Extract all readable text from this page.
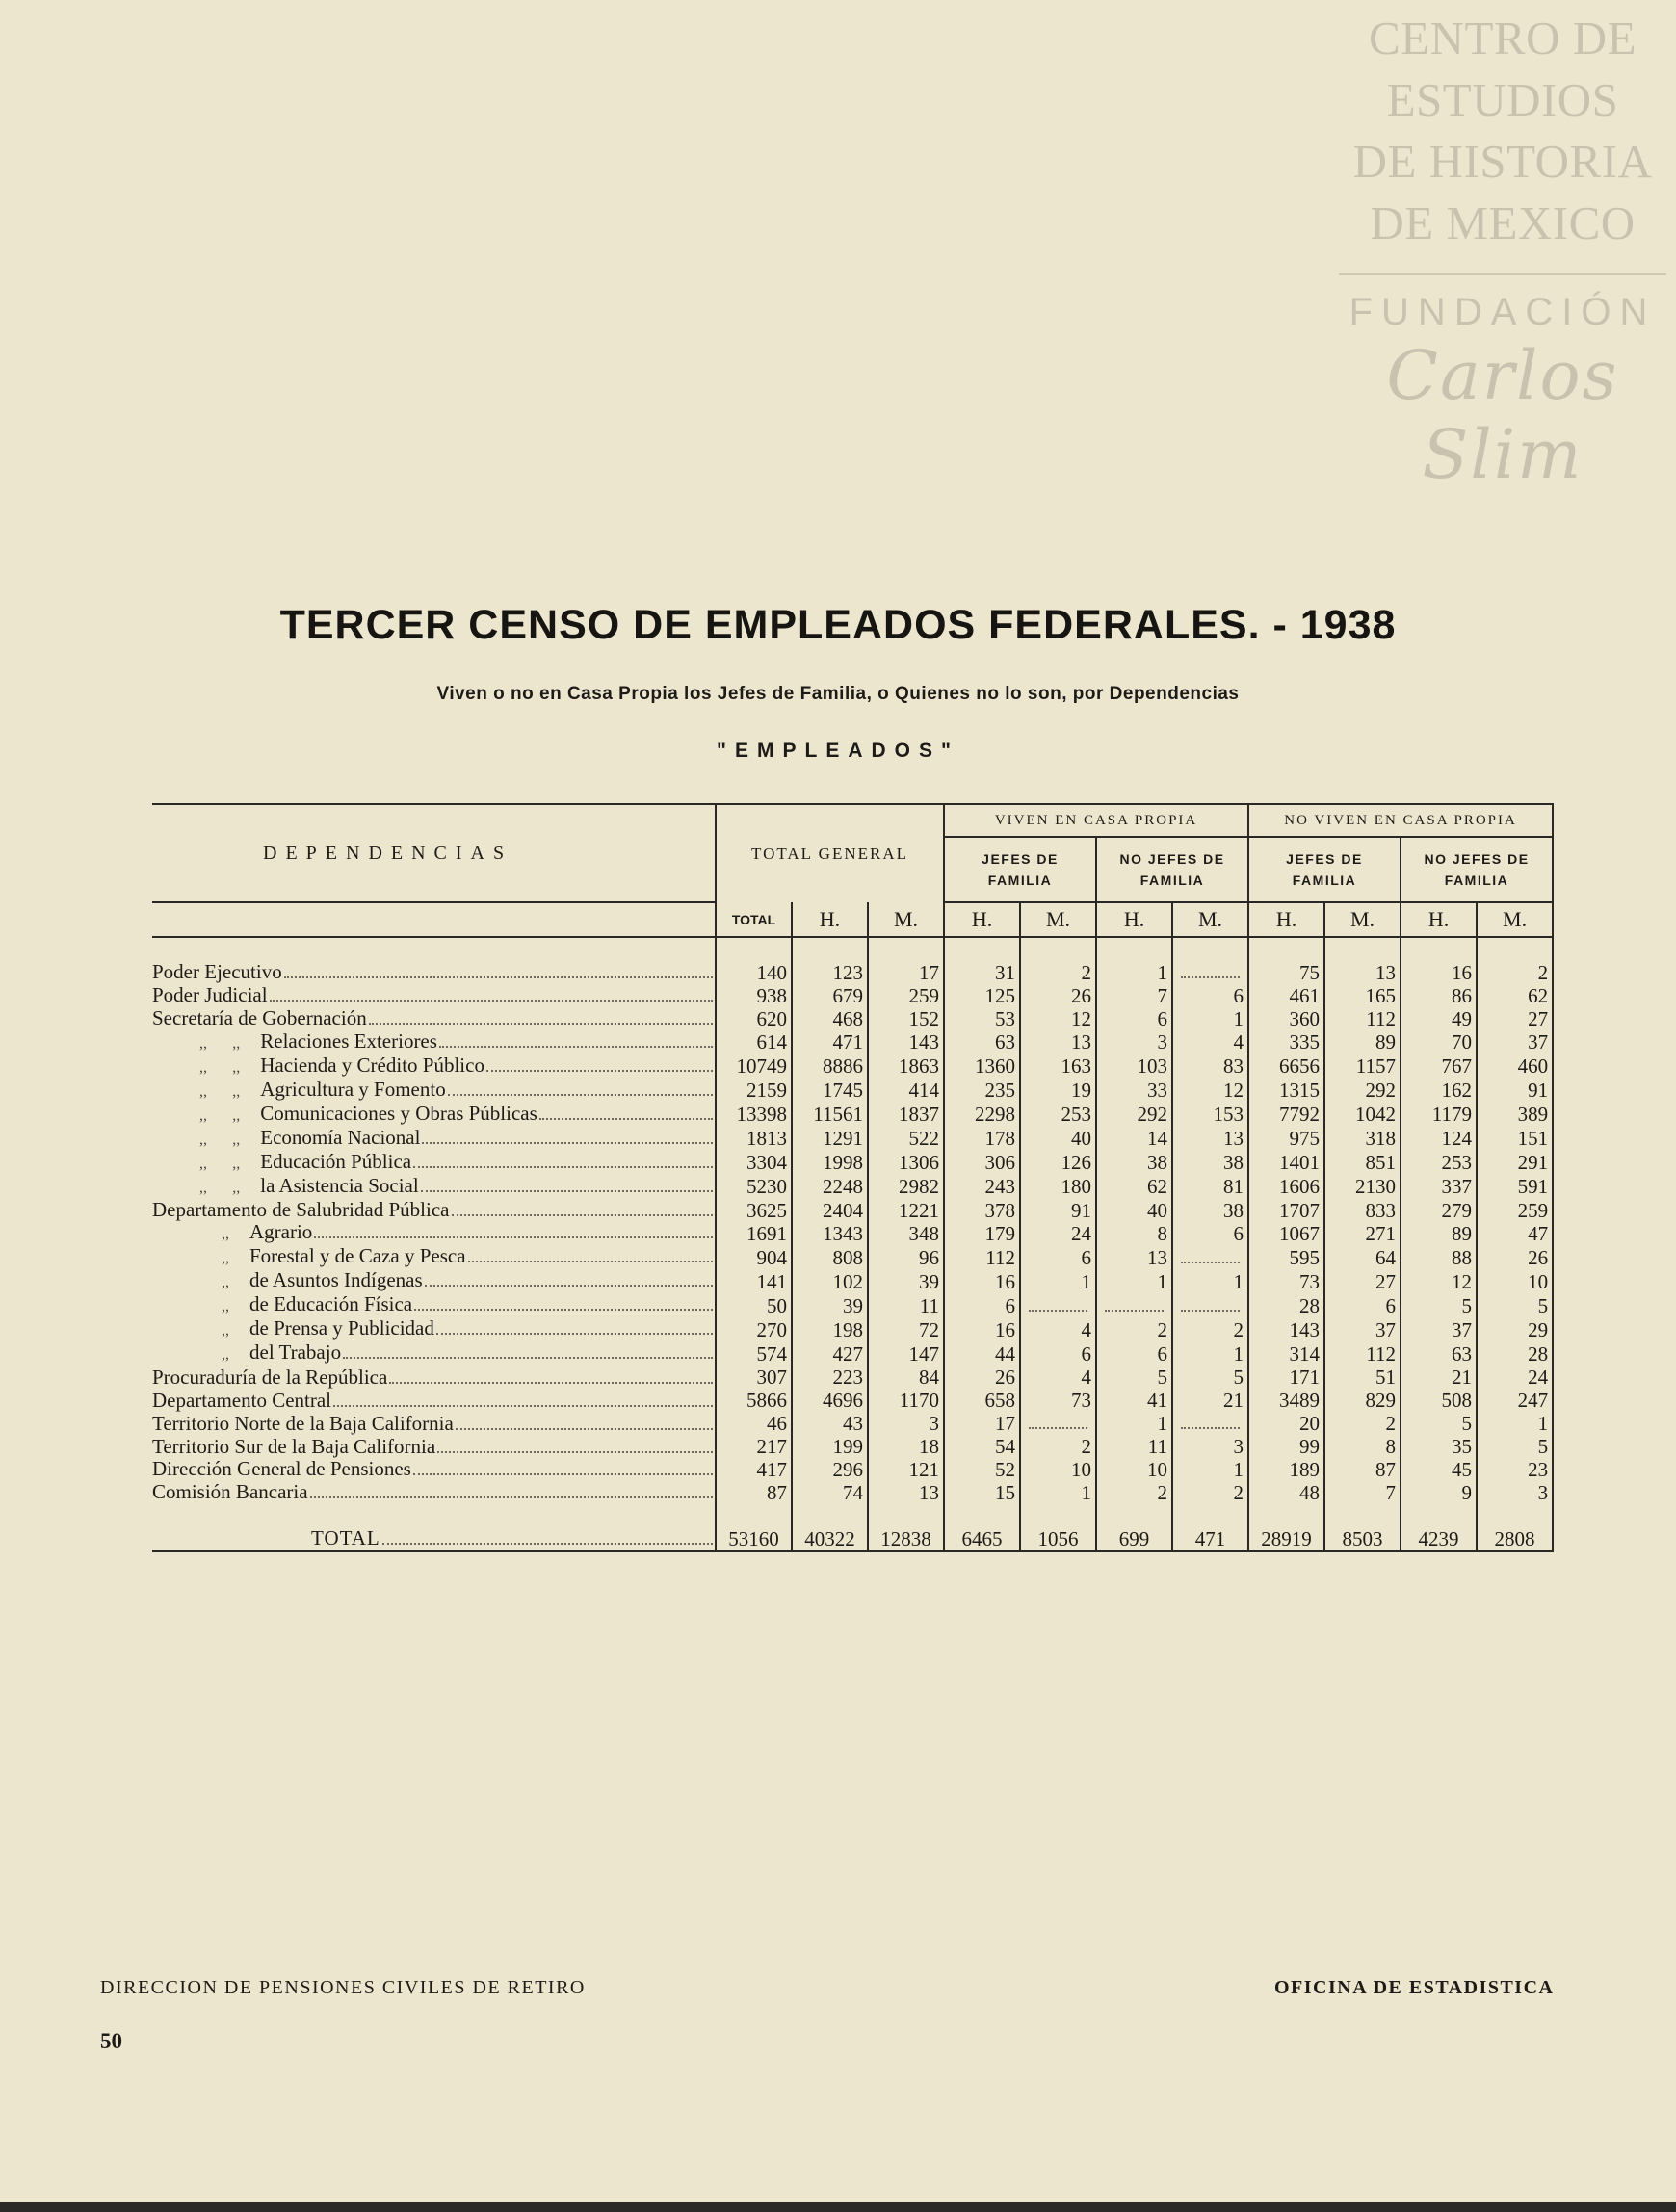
CENTRO DE
ESTUDIOS
DE HISTORIA
DE MEXICO
FUNDACIÓN
Carlos Slim
TERCER CENSO DE EMPLEADOS FEDERALES. - 1938
Viven o no en Casa Propia los Jefes de Familia, o Quienes no lo son, por Dependencias
"EMPLEADOS"
DEPENDENCIAS	TOTAL GENERAL			VIVEN EN CASA PROPIA				NO VIVEN EN CASA PROPIA			
				JEFES DE
FAMILIA		NO JEFES DE
FAMILIA		JEFES DE
FAMILIA		NO JEFES DE
FAMILIA	
	TOTAL	H.	M.	H.	M.	H.	M.	H.	M.	H.	M.

Poder Ejecutivo	140	123	17	31	2	1		75	13	16	2

Poder Judicial	938	679	259	125	26	7	6	461	165	86	62

Secretaría de Gobernación	620	468	152	53	12	6	1	360	112	49	27

,, ,, Relaciones Exteriores	614	471	143	63	13	3	4	335	89	70	37

,, ,, Hacienda y Crédito Público	10749	8886	1863	1360	163	103	83	6656	1157	767	460

,, ,, Agricultura y Fomento	2159	1745	414	235	19	33	12	1315	292	162	91

,, ,, Comunicaciones y Obras Públicas	13398	11561	1837	2298	253	292	153	7792	1042	1179	389

,, ,, Economía Nacional	1813	1291	522	178	40	14	13	975	318	124	151

,, ,, Educación Pública	3304	1998	1306	306	126	38	38	1401	851	253	291

,, ,, la Asistencia Social	5230	2248	2982	243	180	62	81	1606	2130	337	591

Departamento de Salubridad Pública	3625	2404	1221	378	91	40	38	1707	833	279	259

,, Agrario	1691	1343	348	179	24	8	6	1067	271	89	47

,, Forestal y de Caza y Pesca	904	808	96	112	6	13		595	64	88	26

,, de Asuntos Indígenas	141	102	39	16	1	1	1	73	27	12	10

,, de Educación Física	50	39	11	6				28	6	5	5

,, de Prensa y Publicidad	270	198	72	16	4	2	2	143	37	37	29

,, del Trabajo	574	427	147	44	6	6	1	314	112	63	28

Procuraduría de la República	307	223	84	26	4	5	5	171	51	21	24

Departamento Central	5866	4696	1170	658	73	41	21	3489	829	508	247

Territorio Norte de la Baja California	46	43	3	17		1		20	2	5	1

Territorio Sur de la Baja California	217	199	18	54	2	11	3	99	8	35	5

Dirección General de Pensiones	417	296	121	52	10	10	1	189	87	45	23

Comisión Bancaria	87	74	13	15	1	2	2	48	7	9	3

TOTAL	53160	40322	12838	6465	1056	699	471	28919	8503	4239	2808
DIRECCION DE PENSIONES CIVILES DE RETIRO	OFICINA DE ESTADISTICA
50
